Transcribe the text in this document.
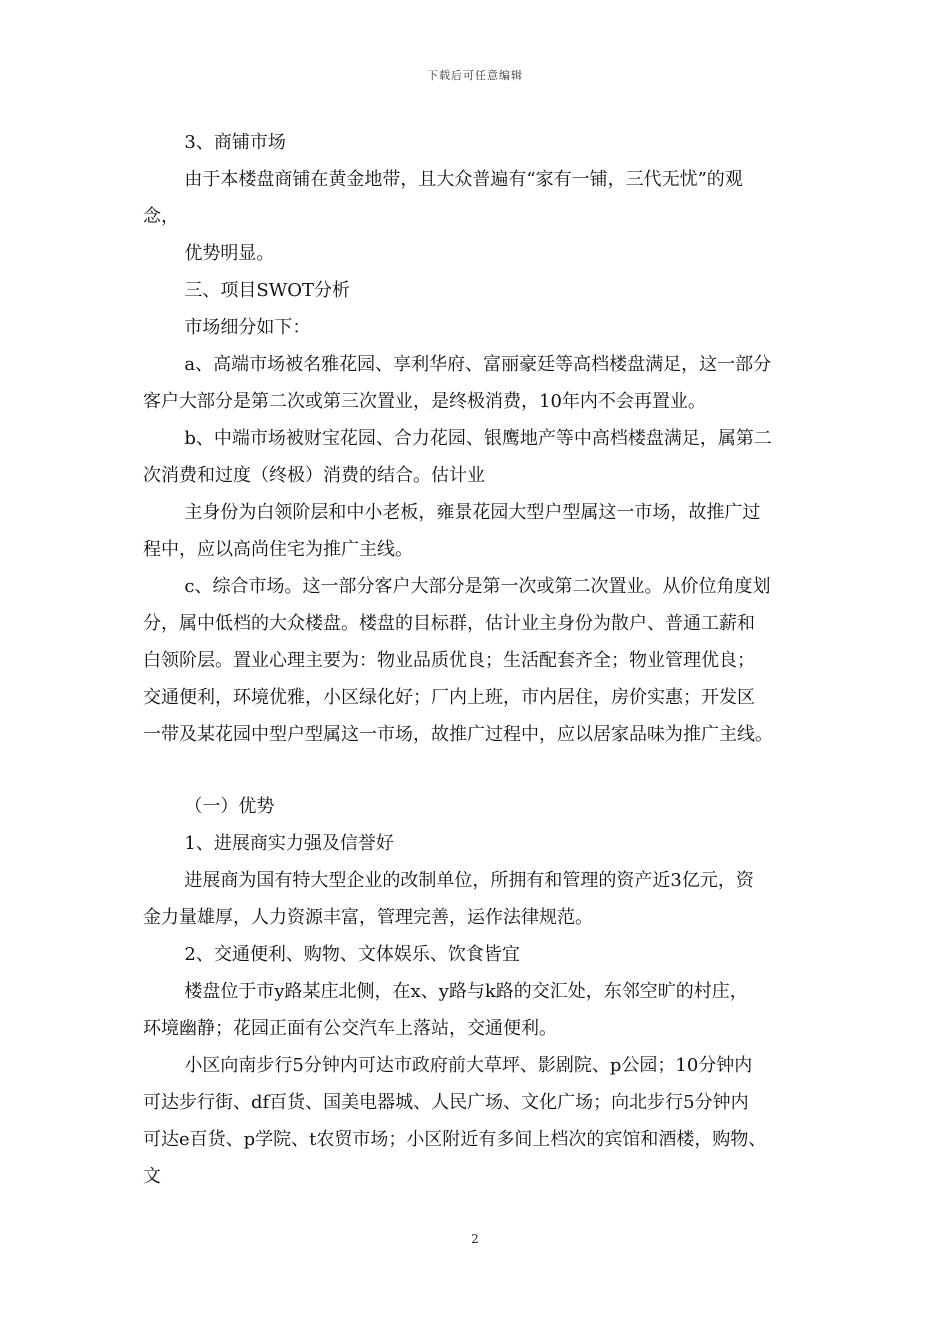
下载后可任意编辑

3、商铺市场

由于本楼盘商铺在黄金地带，且大众普遍有“家有一铺，三代无忧”的观

念，

优势明显。

三、项目SWOT分析

市场细分如下：

a、高端市场被名雅花园、享利华府、富丽豪廷等高档楼盘满足，这一部分

客户大部分是第二次或第三次置业，是终极消费，10年内不会再置业。

b、中端市场被财宝花园、合力花园、银鹰地产等中高档楼盘满足，属第二

次消费和过度（终极）消费的结合。估计业

主身份为白领阶层和中小老板，雍景花园大型户型属这一市场，故推广过

程中，应以高尚住宅为推广主线。

c、综合市场。这一部分客户大部分是第一次或第二次置业。从价位角度划

分，属中低档的大众楼盘。楼盘的目标群，估计业主身份为散户、普通工薪和

白领阶层。置业心理主要为：物业品质优良；生活配套齐全；物业管理优良；

交通便利，环境优雅，小区绿化好；厂内上班，市内居住，房价实惠；开发区

一带及某花园中型户型属这一市场，故推广过程中，应以居家品味为推广主线。

（一）优势

1、进展商实力强及信誉好

进展商为国有特大型企业的改制单位，所拥有和管理的资产近3亿元，资

金力量雄厚，人力资源丰富，管理完善，运作法律规范。

2、交通便利、购物、文体娱乐、饮食皆宜

楼盘位于市y路某庄北侧，在x、y路与k路的交汇处，东邻空旷的村庄，

环境幽静；花园正面有公交汽车上落站，交通便利。

小区向南步行5分钟内可达市政府前大草坪、影剧院、p公园；10分钟内

可达步行街、df百货、国美电器城、人民广场、文化广场；向北步行5分钟内

可达e百货、p学院、t农贸市场；小区附近有多间上档次的宾馆和酒楼，购物、

文

2
